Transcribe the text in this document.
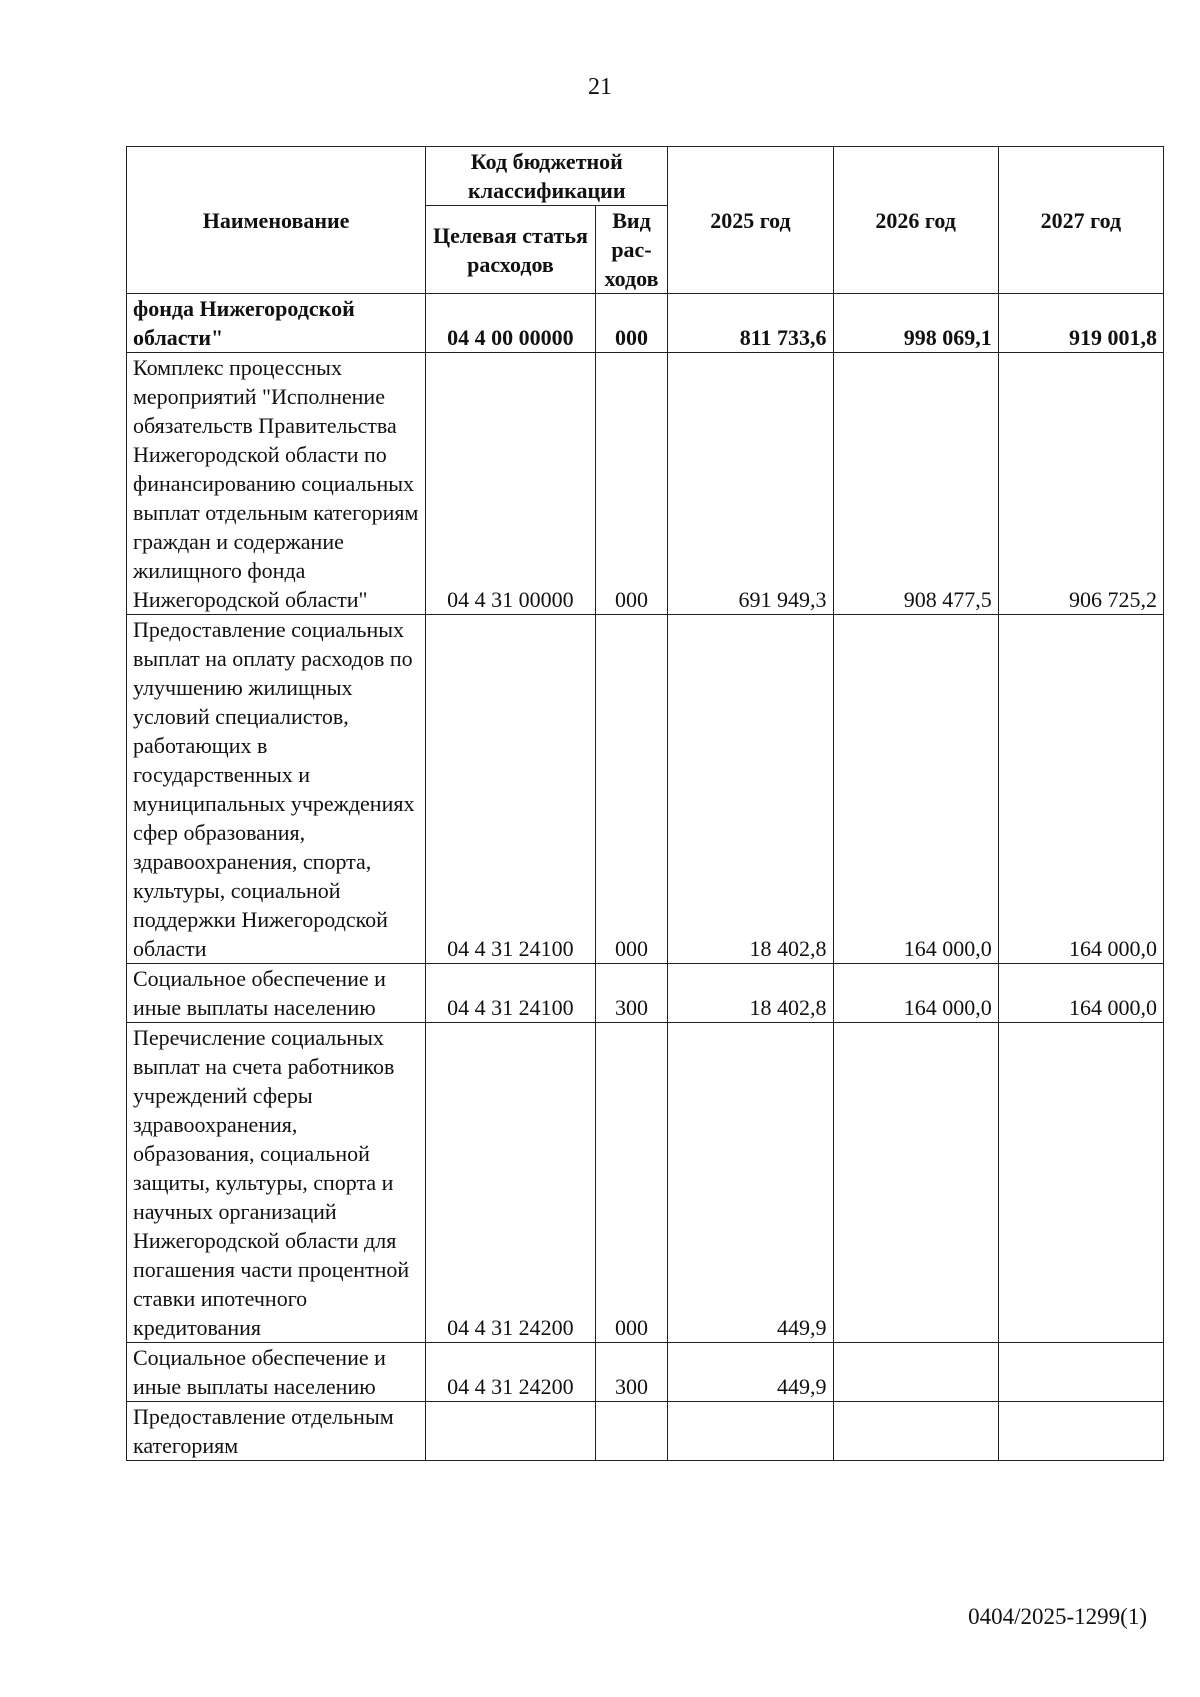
21
Наименование	Код бюджетной классификации		2025 год	2026 год	2027 год
	Целевая статья расходов	Вид рас-ходов			
фонда Нижегородской области"	04 4 00 00000	000	811 733,6	998 069,1	919 001,8
Комплекс процессных мероприятий "Исполнение обязательств Правительства Нижегородской области по финансированию социальных выплат отдельным категориям граждан и содержание жилищного фонда Нижегородской области"	04 4 31 00000	000	691 949,3	908 477,5	906 725,2
Предоставление социальных выплат на оплату расходов по улучшению жилищных условий специалистов, работающих в государственных и муниципальных учреждениях сфер образования, здравоохранения, спорта, культуры, социальной поддержки Нижегородской области	04 4 31 24100	000	18 402,8	164 000,0	164 000,0
Социальное обеспечение и иные выплаты населению	04 4 31 24100	300	18 402,8	164 000,0	164 000,0
Перечисление социальных выплат на счета работников учреждений сферы здравоохранения, образования, социальной защиты, культуры, спорта и научных организаций Нижегородской области для погашения части процентной ставки ипотечного кредитования	04 4 31 24200	000	449,9		
Социальное обеспечение и иные выплаты населению	04 4 31 24200	300	449,9		
Предоставление отдельным категориям					
0404/2025-1299(1)
